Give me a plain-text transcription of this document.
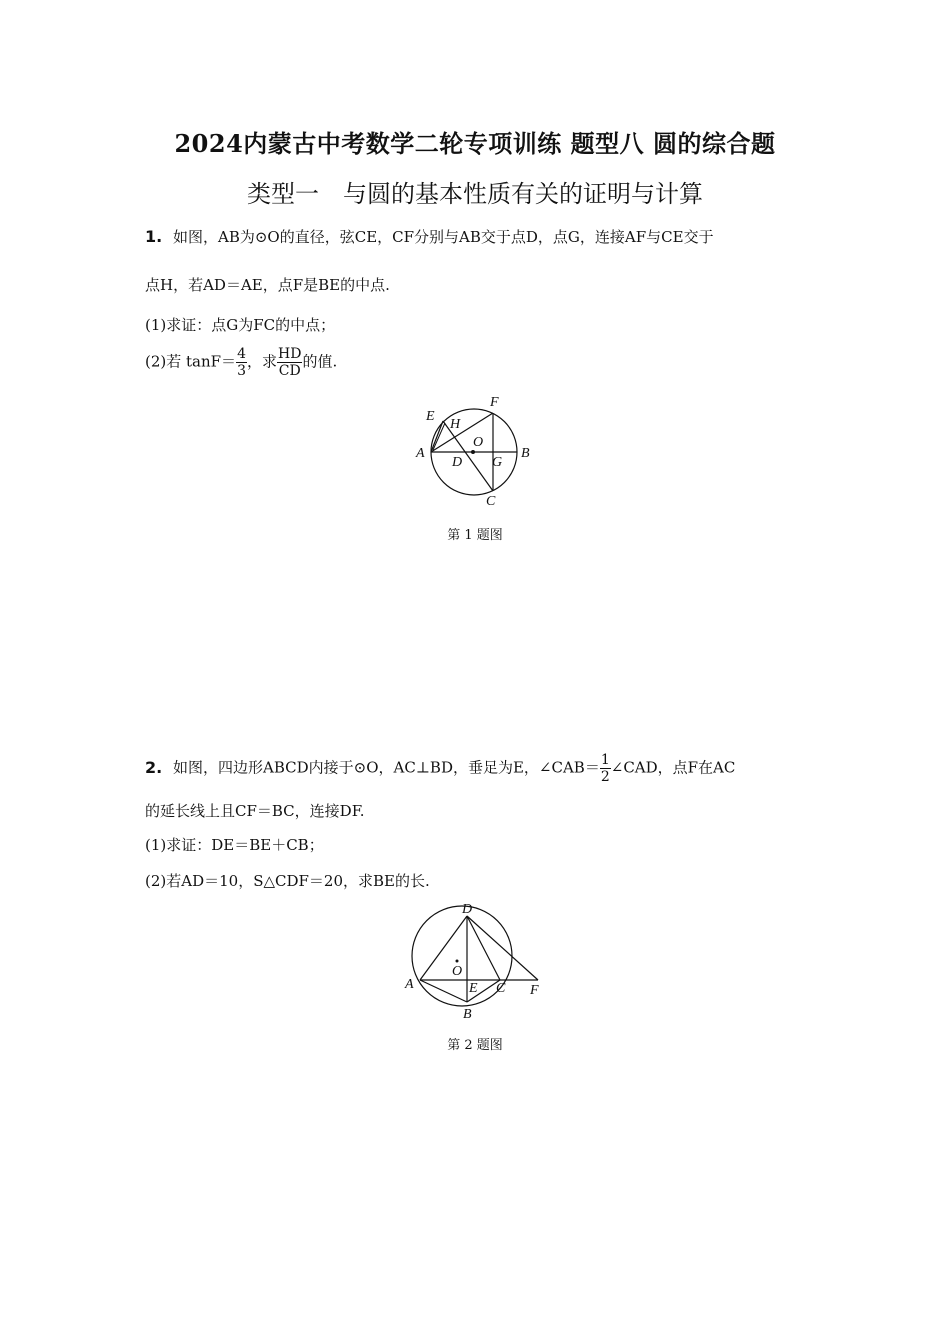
2024内蒙古中考数学二轮专项训练 题型八 圆的综合题
类型一　与圆的基本性质有关的证明与计算
1. 如图，AB为⊙O的直径，弦CE，CF分别与AB交于点D，点G，连接AF与CE交于
点H，若AD＝AE，点F是BE的中点.
(1)求证：点G为FC的中点；
(2)若 $\tan F= \frac{4}{3}$ ，求 $\frac{HD}{CD}$ 的值.
E
H
F
O
A
D G
B
C
第 1 题图
2. 如图，四边形ABCD内接于⊙O，AC⊥BD，垂足为E，∠CAB＝ $\frac{1}{2}$ ∠CAD，点F在AC
的延长线上且CF＝BC，连接DF.
(1)求证：DE＝BE＋CB；
(2)若AD＝10，S△CDF＝20，求BE的长.
D
O
A	E C F
B
第 2 题图
